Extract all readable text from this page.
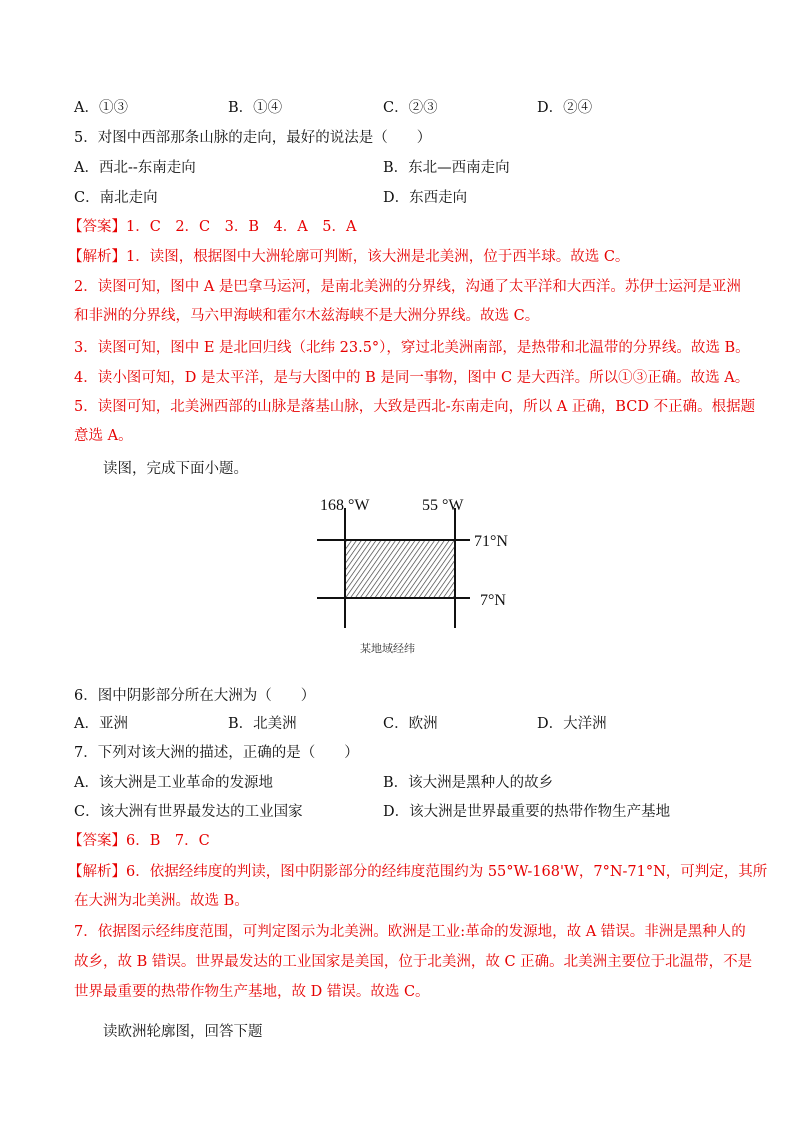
A．①③	B．①④	C．②③	D．②④
5．对图中西部那条山脉的走向，最好的说法是（　　）
A．西北--东南走向	B．东北—西南走向
C．南北走向	D．东西走向
【答案】1．C　2．C　3．B　4．A　5．A
【解析】1．读图，根据图中大洲轮廓可判断，该大洲是北美洲，位于西半球。故选 C。
2．读图可知，图中 A 是巴拿马运河，是南北美洲的分界线，沟通了太平洋和大西洋。苏伊士运河是亚洲
和非洲的分界线，马六甲海峡和霍尔木兹海峡不是大洲分界线。故选 C。
3．读图可知，图中 E 是北回归线（北纬 23.5°），穿过北美洲南部，是热带和北温带的分界线。故选 B。
4．读小图可知，D 是太平洋，是与大图中的 B 是同一事物，图中 C 是大西洋。所以①③正确。故选 A。
5．读图可知，北美洲西部的山脉是落基山脉，大致是西北-东南走向，所以 A 正确，BCD 不正确。根据题
意选 A。
读图，完成下面小题。
168 °W	55 °W
71°N
7°N
某地域经纬
6．图中阴影部分所在大洲为（　　）
A．亚洲	B．北美洲	C．欧洲	D．大洋洲
7．下列对该大洲的描述，正确的是（　　）
A．该大洲是工业革命的发源地	B．该大洲是黑种人的故乡
C．该大洲有世界最发达的工业国家	D．该大洲是世界最重要的热带作物生产基地
【答案】6．B　7．C
【解析】6．依据经纬度的判读，图中阴影部分的经纬度范围约为 55°W-168'W，7°N-71°N，可判定，其所
在大洲为北美洲。故选 B。
7．依据图示经纬度范围，可判定图示为北美洲。欧洲是工业:革命的发源地，故 A 错误。非洲是黑种人的
故乡，故 B 错误。世界最发达的工业国家是美国，位于北美洲，故 C 正确。北美洲主要位于北温带，不是
世界最重要的热带作物生产基地，故 D 错误。故选 C。
读欧洲轮廓图，回答下题
